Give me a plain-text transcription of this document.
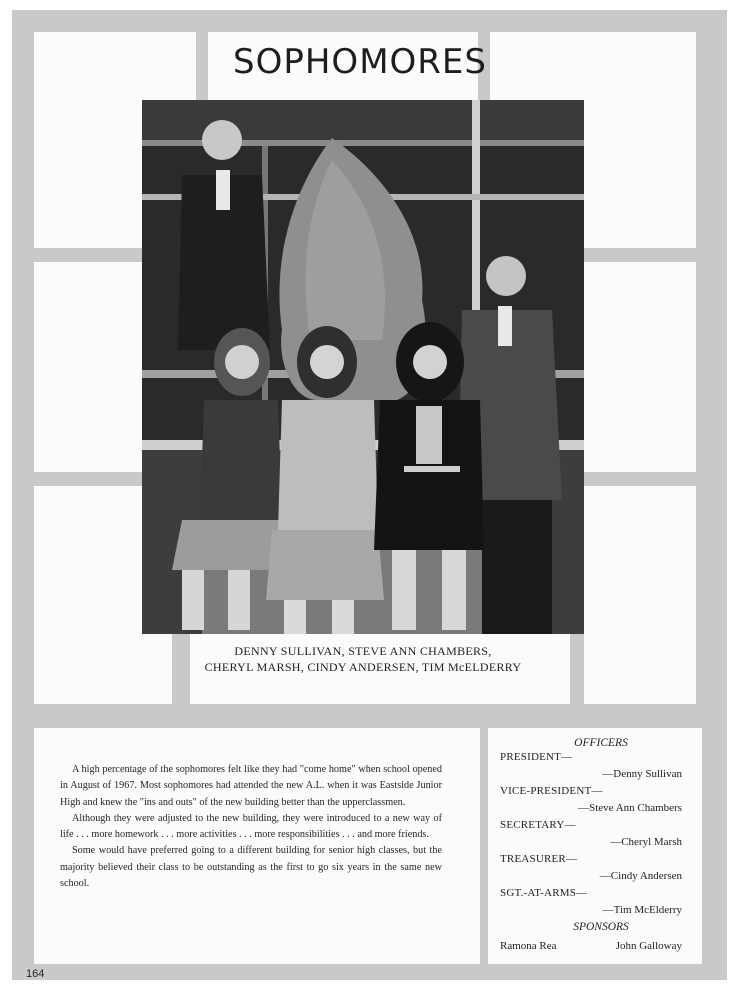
SOPHOMORES
DENNY SULLIVAN, STEVE ANN CHAMBERS,
CHERYL MARSH, CINDY ANDERSEN, TIM McELDERRY

A high percentage of the sophomores felt like they had "come home" when school opened in August of 1967. Most sophomores had attended the new A.L. when it was Eastside Junior High and knew the "ins and outs" of the new building better than the upperclassmen.

Although they were adjusted to the new building, they were introduced to a new way of life . . . more homework . . . more activities . . . more responsibilities . . . and more friends.

Some would have preferred going to a different building for senior high classes, but the majority believed their class to be outstanding as the first to go six years in the same new school.

OFFICERS
PRESIDENT—
—Denny Sullivan
VICE-PRESIDENT—
—Steve Ann Chambers
SECRETARY—
—Cheryl Marsh
TREASURER—
—Cindy Andersen
SGT.-AT-ARMS—
—Tim McElderry
SPONSORS
Ramona Rea	John Galloway
164
